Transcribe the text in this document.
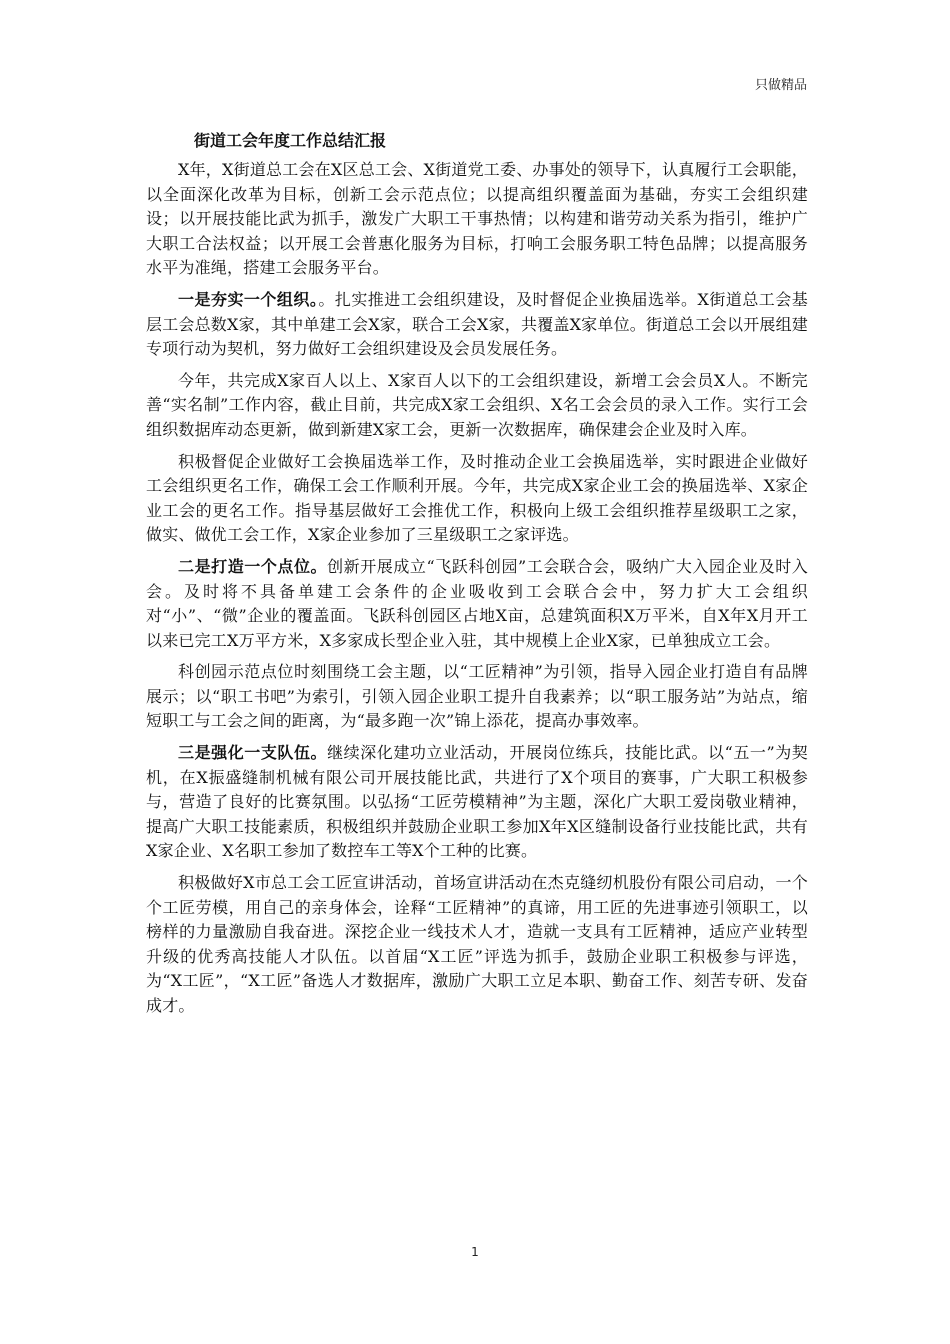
只做精品
街道工会年度工作总结汇报

X年，X街道总工会在X区总工会、X街道党工委、办事处的领导下，认真履行工会职能，以全面深化改革为目标，创新工会示范点位；以提高组织覆盖面为基础，夯实工会组织建设；以开展技能比武为抓手，激发广大职工干事热情；以构建和谐劳动关系为指引，维护广大职工合法权益；以开展工会普惠化服务为目标，打响工会服务职工特色品牌；以提高服务水平为准绳，搭建工会服务平台。

一是夯实一个组织。。扎实推进工会组织建设，及时督促企业换届选举。X街道总工会基层工会总数X家，其中单建工会X家，联合工会X家，共覆盖X家单位。街道总工会以开展组建专项行动为契机，努力做好工会组织建设及会员发展任务。

今年，共完成X家百人以上、X家百人以下的工会组织建设，新增工会会员X人。不断完善“实名制”工作内容，截止目前，共完成X家工会组织、X名工会会员的录入工作。实行工会组织数据库动态更新，做到新建X家工会，更新一次数据库，确保建会企业及时入库。

积极督促企业做好工会换届选举工作，及时推动企业工会换届选举，实时跟进企业做好工会组织更名工作，确保工会工作顺利开展。今年，共完成X家企业工会的换届选举、X家企业工会的更名工作。指导基层做好工会推优工作，积极向上级工会组织推荐星级职工之家，做实、做优工会工作，X家企业参加了三星级职工之家评选。

二是打造一个点位。创新开展成立“飞跃科创园”工会联合会，吸纳广大入园企业及时入会。及时将不具备单建工会条件的企业吸收到工会联合会中，努力扩大工会组织对“小”、“微”企业的覆盖面。飞跃科创园区占地X亩，总建筑面积X万平米，自X年X月开工以来已完工X万平方米，X多家成长型企业入驻，其中规模上企业X家，已单独成立工会。

科创园示范点位时刻围绕工会主题，以“工匠精神”为引领，指导入园企业打造自有品牌展示；以“职工书吧”为索引，引领入园企业职工提升自我素养；以“职工服务站”为站点，缩短职工与工会之间的距离，为“最多跑一次”锦上添花，提高办事效率。

三是强化一支队伍。继续深化建功立业活动，开展岗位练兵，技能比武。以“五一”为契机，在X振盛缝制机械有限公司开展技能比武，共进行了X个项目的赛事，广大职工积极参与，营造了良好的比赛氛围。以弘扬“工匠劳模精神”为主题，深化广大职工爱岗敬业精神，提高广大职工技能素质，积极组织并鼓励企业职工参加X年X区缝制设备行业技能比武，共有X家企业、X名职工参加了数控车工等X个工种的比赛。

积极做好X市总工会工匠宣讲活动，首场宣讲活动在杰克缝纫机股份有限公司启动，一个个工匠劳模，用自己的亲身体会，诠释“工匠精神”的真谛，用工匠的先进事迹引领职工，以榜样的力量激励自我奋进。深挖企业一线技术人才，造就一支具有工匠精神，适应产业转型升级的优秀高技能人才队伍。以首届“X工匠”评选为抓手，鼓励企业职工积极参与评选，为“X工匠”，“X工匠”备选人才数据库，激励广大职工立足本职、勤奋工作、刻苦专研、发奋成才。

1
